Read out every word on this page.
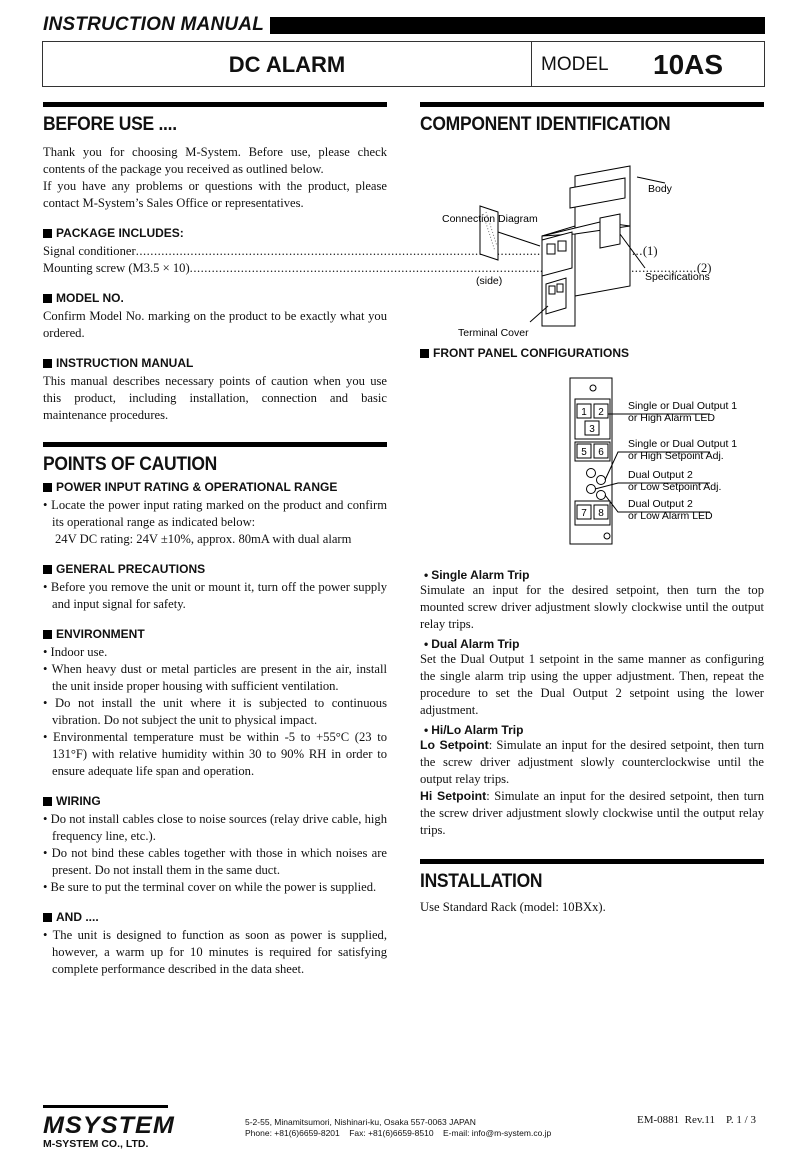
INSTRUCTION MANUAL
DC ALARM	MODEL 10AS
BEFORE USE ....
Thank you for choosing M-System. Before use, please check contents of the package you received as outlined below.
If you have any problems or questions with the product, please contact M-System’s Sales Office or representatives.
PACKAGE INCLUDES:
Signal conditioner .....	(1)
Mounting screw (M3.5 × 10) .....	(2)
MODEL NO.
Confirm Model No. marking on the product to be exactly what you ordered.
INSTRUCTION MANUAL
This manual describes necessary points of caution when you use this product, including installation, connection and basic maintenance procedures.
POINTS OF CAUTION
POWER INPUT RATING & OPERATIONAL RANGE
• Locate the power input rating marked on the product and confirm its operational range as indicated below:
24V DC rating: 24V ±10%, approx. 80mA with dual alarm
GENERAL PRECAUTIONS
• Before you remove the unit or mount it, turn off the power supply and input signal for safety.
ENVIRONMENT
• Indoor use.
• When heavy dust or metal particles are present in the air, install the unit inside proper housing with sufficient ventilation.
• Do not install the unit where it is subjected to continuous vibration. Do not subject the unit to physical impact.
• Environmental temperature must be within -5 to +55°C (23 to 131°F) with relative humidity within 30 to 90% RH in order to ensure adequate life span and operation.
WIRING
• Do not install cables close to noise sources (relay drive cable, high frequency line, etc.).
• Do not bind these cables together with those in which noises are present. Do not install them in the same duct.
• Be sure to put the terminal cover on while the power is supplied.
AND ....
• The unit is designed to function as soon as power is supplied, however, a warm up for 10 minutes is required for satisfying complete performance described in the data sheet.
COMPONENT IDENTIFICATION
Body
Connection Diagram
(side)	Specifications
Terminal Cover
FRONT PANEL CONFIGURATIONS
1 2
3
5 6
7 8
Single or Dual Output 1
or High Alarm LED
Single or Dual Output 1
or High Setpoint Adj.
Dual Output 2
or Low Setpoint Adj.
Dual Output 2
or Low Alarm LED
• Single Alarm Trip
Simulate an input for the desired setpoint, then turn the top mounted screw driver adjustment slowly clockwise until the output relay trips.
• Dual Alarm Trip
Set the Dual Output 1 setpoint in the same manner as configuring the single alarm trip using the upper adjustment. Then, repeat the procedure to set the Dual Output 2 setpoint using the lower adjustment.
• Hi/Lo Alarm Trip
Lo Setpoint: Simulate an input for the desired setpoint, then turn the screw driver adjustment slowly counterclockwise until the output relay trips.
Hi Setpoint: Simulate an input for the desired setpoint, then turn the screw driver adjustment slowly clockwise until the output relay trips.
INSTALLATION
Use Standard Rack (model: 10BXx).
MSYSTEM
M-SYSTEM CO., LTD.
5-2-55, Minamitsumori, Nishinari-ku, Osaka 557-0063 JAPAN
Phone: +81(6)6659-8201    Fax: +81(6)6659-8510    E-mail: info@m-system.co.jp
EM-0881  Rev.11    P. 1 / 3
